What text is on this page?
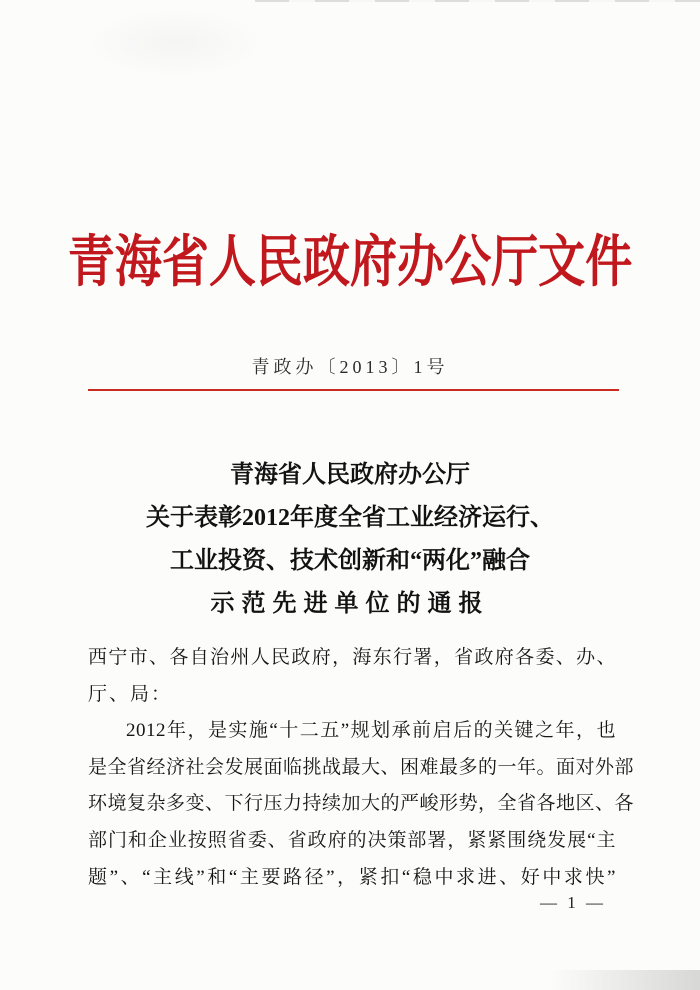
青海省人民政府办公厅文件
青政办〔2013〕1号
青海省人民政府办公厅
关于表彰2012年度全省工业经济运行、
工业投资、技术创新和“两化”融合
示范先进单位的通报
西宁市、各自治州人民政府，海东行署，省政府各委、办、
厅、局：
2012年，是实施“十二五”规划承前启后的关键之年，也
是全省经济社会发展面临挑战最大、困难最多的一年。面对外部
环境复杂多变、下行压力持续加大的严峻形势，全省各地区、各
部门和企业按照省委、省政府的决策部署，紧紧围绕发展“主
题”、“主线”和“主要路径”，紧扣“稳中求进、好中求快”
— 1 —
